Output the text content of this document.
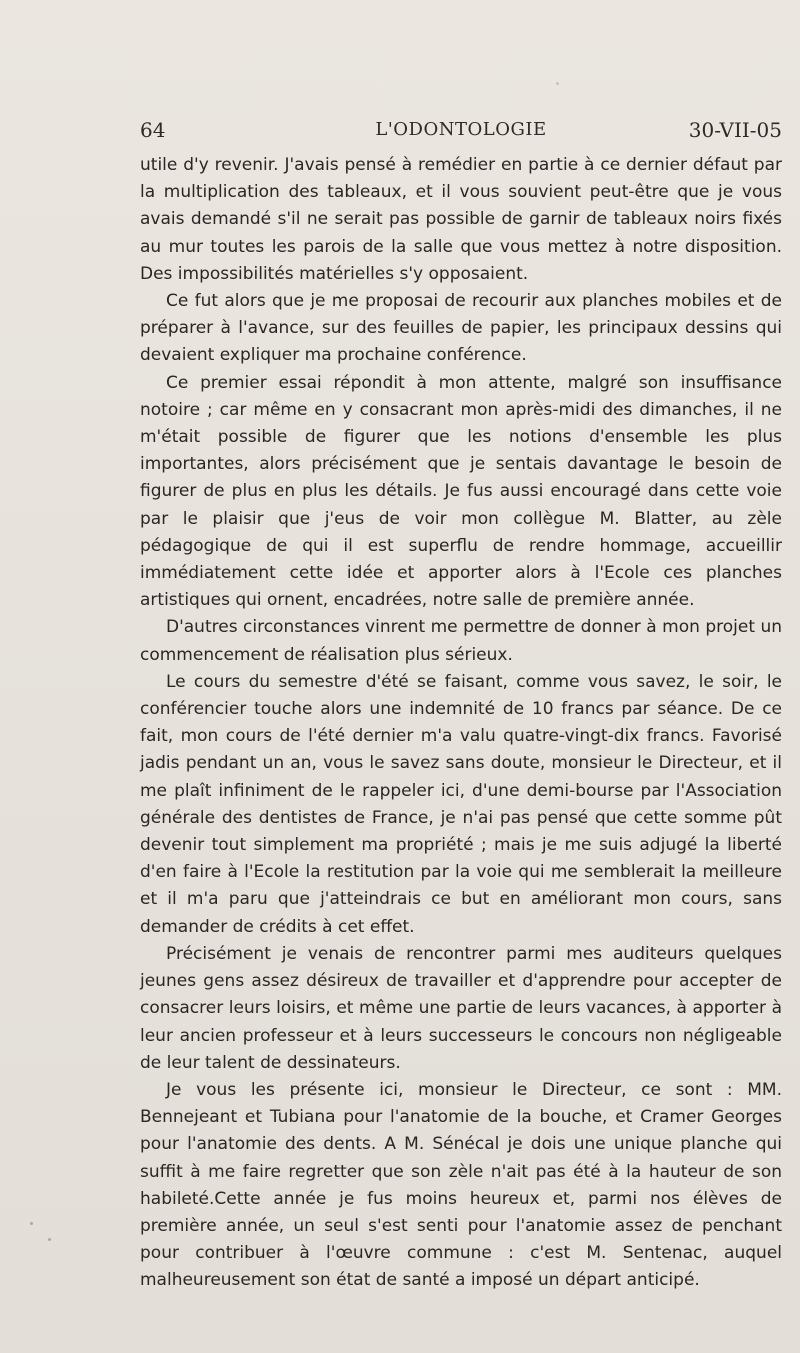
64	L'ODONTOLOGIE	30-VII-05

utile d'y revenir. J'avais pensé à remédier en partie à ce dernier défaut par la multiplication des tableaux, et il vous souvient peut-être que je vous avais demandé s'il ne serait pas possible de garnir de tableaux noirs fixés au mur toutes les parois de la salle que vous mettez à notre disposition. Des impossibilités matérielles s'y opposaient.

Ce fut alors que je me proposai de recourir aux planches mobiles et de préparer à l'avance, sur des feuilles de papier, les principaux dessins qui devaient expliquer ma prochaine conférence.

Ce premier essai répondit à mon attente, malgré son insuffisance notoire ; car même en y consacrant mon après-midi des dimanches, il ne m'était possible de figurer que les notions d'ensemble les plus importantes, alors précisément que je sentais davantage le besoin de figurer de plus en plus les détails. Je fus aussi encouragé dans cette voie par le plaisir que j'eus de voir mon collègue M. Blatter, au zèle pédagogique de qui il est superflu de rendre hommage, accueillir immédiatement cette idée et apporter alors à l'Ecole ces planches artistiques qui ornent, encadrées, notre salle de première année.

D'autres circonstances vinrent me permettre de donner à mon projet un commencement de réalisation plus sérieux.

Le cours du semestre d'été se faisant, comme vous savez, le soir, le conférencier touche alors une indemnité de 10 francs par séance. De ce fait, mon cours de l'été dernier m'a valu quatre-vingt-dix francs. Favorisé jadis pendant un an, vous le savez sans doute, monsieur le Directeur, et il me plaît infiniment de le rappeler ici, d'une demi-bourse par l'Association générale des dentistes de France, je n'ai pas pensé que cette somme pût devenir tout simplement ma propriété ; mais je me suis adjugé la liberté d'en faire à l'Ecole la restitution par la voie qui me semblerait la meilleure et il m'a paru que j'atteindrais ce but en améliorant mon cours, sans demander de crédits à cet effet.

Précisément je venais de rencontrer parmi mes auditeurs quelques jeunes gens assez désireux de travailler et d'apprendre pour accepter de consacrer leurs loisirs, et même une partie de leurs vacances, à apporter à leur ancien professeur et à leurs successeurs le concours non négligeable de leur talent de dessinateurs.

Je vous les présente ici, monsieur le Directeur, ce sont : MM. Bennejeant et Tubiana pour l'anatomie de la bouche, et Cramer Georges pour l'anatomie des dents. A M. Sénécal je dois une unique planche qui suffit à me faire regretter que son zèle n'ait pas été à la hauteur de son habileté.Cette année je fus moins heureux et, parmi nos élèves de première année, un seul s'est senti pour l'anatomie assez de penchant pour contribuer à l'œuvre commune : c'est M. Sentenac, auquel malheureusement son état de santé a imposé un départ anticipé.
